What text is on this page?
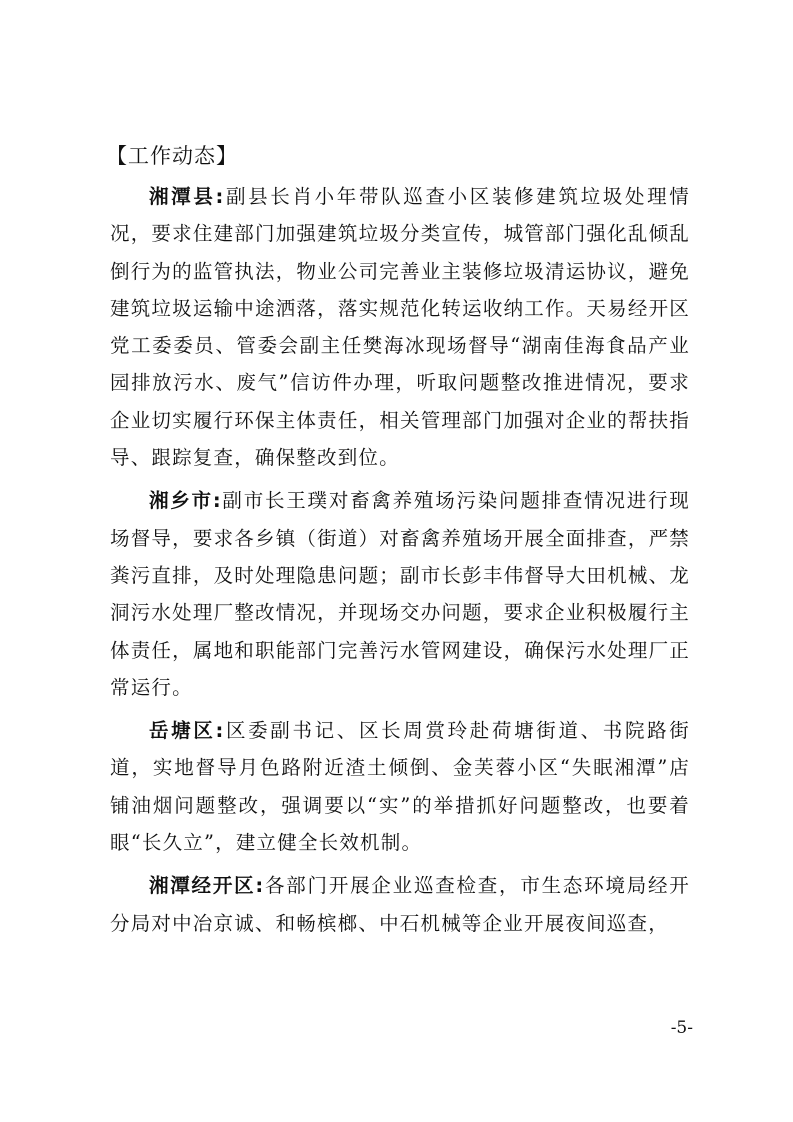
【工作动态】

湘潭县:副县长肖小年带队巡查小区装修建筑垃圾处理情况，要求住建部门加强建筑垃圾分类宣传，城管部门强化乱倾乱倒行为的监管执法，物业公司完善业主装修垃圾清运协议，避免建筑垃圾运输中途洒落，落实规范化转运收纳工作。天易经开区党工委委员、管委会副主任樊海冰现场督导“湖南佳海食品产业园排放污水、废气”信访件办理，听取问题整改推进情况，要求企业切实履行环保主体责任，相关管理部门加强对企业的帮扶指导、跟踪复查，确保整改到位。

湘乡市:副市长王璞对畜禽养殖场污染问题排查情况进行现场督导，要求各乡镇（街道）对畜禽养殖场开展全面排查，严禁粪污直排，及时处理隐患问题；副市长彭丰伟督导大田机械、龙洞污水处理厂整改情况，并现场交办问题，要求企业积极履行主体责任，属地和职能部门完善污水管网建设，确保污水处理厂正常运行。

岳塘区:区委副书记、区长周赏玲赴荷塘街道、书院路街道，实地督导月色路附近渣土倾倒、金芙蓉小区“失眠湘潭”店铺油烟问题整改，强调要以“实”的举措抓好问题整改，也要着眼“长久立”，建立健全长效机制。

湘潭经开区:各部门开展企业巡查检查，市生态环境局经开分局对中冶京诚、和畅槟榔、中石机械等企业开展夜间巡查，

-5-
